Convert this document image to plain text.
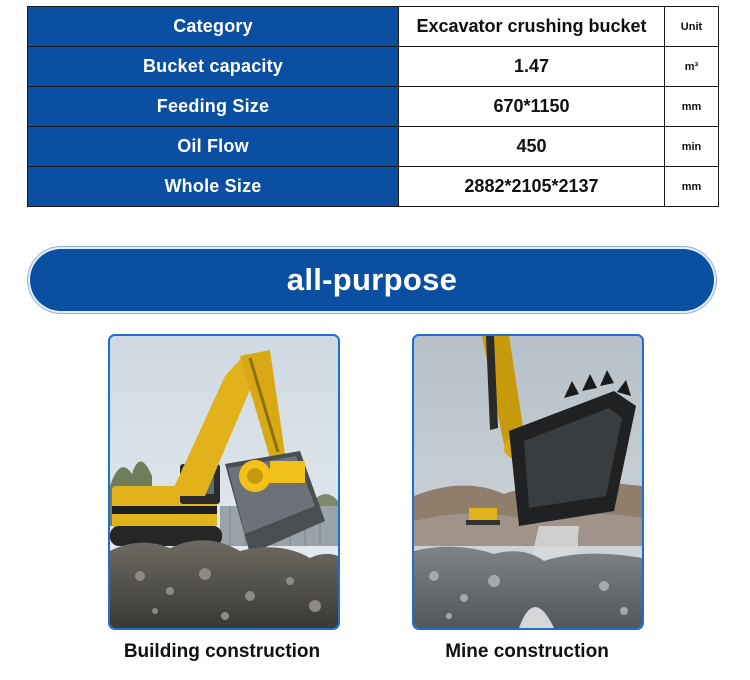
Category	Excavator crushing bucket	Unit
Bucket capacity	1.47	m³
Feeding Size	670*1150	mm
Oil Flow	450	min
Whole Size	2882*2105*2137	mm
all-purpose
Building construction	Mine construction
